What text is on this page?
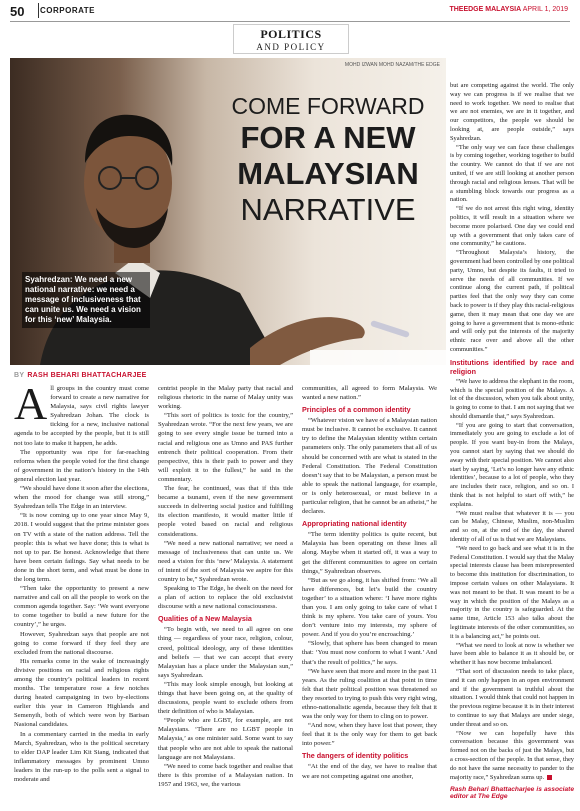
50 CORPORATE	THEEDGE MALAYSIA APRIL 1, 2019
POLITICS
AND POLICY
MOHD IZWAN MOHD NAZAM/THE EDGE
COME FORWARD
FOR A NEW
MALAYSIAN
NARRATIVE
Syahredzan: We need a new national narrative: we need a message of inclusiveness that can unite us. We need a vision for this ‘new’ Malaysia.
BY RASH BEHARI BHATTACHARJEE

All groups in the country must come forward to create a new narrative for Malaysia, says civil rights lawyer Syahredzan Johan. The clock is ticking for a new, inclusive national agenda to be accepted by the people, but it is still not too late to make it happen, he adds.

The opportunity was ripe for far-reaching reforms when the people voted for the first change of government in the nation’s history in the 14th general election last year.

“We should have done it soon after the elections, when the mood for change was still strong,” Syahredzan tells The Edge in an interview.

“It is now coming up to one year since May 9, 2018. I would suggest that the prime minister goes on TV with a state of the nation address. Tell the people: this is what we have done; this is what is not up to par. Be honest. Acknowledge that there have been certain failings. Say what needs to be done in the short term, and what must be done in the long term.

“Then take the opportunity to present a new narrative and call on all the people to work on the common agenda together. Say: ‘We want everyone to come together to build a new future for the country’,” he urges.

However, Syahredzan says that people are not going to come forward if they feel they are excluded from the national discourse.

His remarks come in the wake of increasingly divisive positions on racial and religious rights among the country’s political leaders in recent months. The temperature rose a few notches during heated campaigning in two by-elections earlier this year in Cameron Highlands and Semenyih, both of which were won by Barisan Nasional candidates.

In a commentary carried in the media in early March, Syahredzan, who is the political secretary to elder DAP leader Lim Kit Siang, indicated that inflammatory messages by prominent Umno leaders in the run-up to the polls sent a signal to moderate and

centrist people in the Malay party that racial and religious rhetoric in the name of Malay unity was working.

“This sort of politics is toxic for the country,” Syahredzan wrote. “For the next few years, we are going to see every single issue be turned into a racial and religious one as Umno and PAS further entrench their political cooperation. From their perspective, this is their path to power and they will exploit it to the fullest,” he said in the commentary.

The fear, he continued, was that if this tide became a tsunami, even if the new government succeeds in delivering social justice and fulfilling its election manifesto, it would matter little if people voted based on racial and religious considerations.

“We need a new national narrative; we need a message of inclusiveness that can unite us. We need a vision for this ‘new’ Malaysia. A statement of intent of the sort of Malaysia we aspire for this country to be,” Syahredzan wrote.

Speaking to The Edge, he dwelt on the need for a plan of action to replace the old exclusivist discourse with a new national consciousness.

Qualities of a New Malaysia

“To begin with, we need to all agree on one thing — regardless of your race, religion, colour, creed, political ideology, any of these identities and beliefs — that we can accept that every Malaysian has a place under the Malaysian sun,” says Syahredzan.

“This may look simple enough, but looking at things that have been going on, at the quality of discussions, people want to exclude others from their definition of who is Malaysian.

“People who are LGBT, for example, are not Malaysians. ‘There are no LGBT people in Malaysia,’ as one minister said. Some want to say that people who are not able to speak the national language are not Malaysians.

“We need to come back together and realise that there is this promise of a Malaysian nation. In 1957 and 1963, we, the various

communities, all agreed to form Malaysia. We wanted a new nation.”

Principles of a common identity

“Whatever vision we have of a Malaysian nation must be inclusive. It cannot be exclusive. It cannot try to define the Malaysian identity within certain parameters only. The only parameters that all of us should be concerned with are what is stated in the Federal Constitution. The Federal Constitution doesn’t say that to be Malaysian, a person must be able to speak the national language, for example, or is only heterosexual, or must believe in a particular religion, that he cannot be an atheist,” he declares.

Appropriating national identity

“The term identity politics is quite recent, but Malaysia has been operating on these lines all along. Maybe when it started off, it was a way to get the different communities to agree on certain things,” Syahredzan observes.

“But as we go along, it has shifted from: ‘We all have differences, but let’s build the country together’ to a situation where: ‘I have more rights than you. I am only going to take care of what I think is my sphere. You take care of yours. You don’t venture into my interests, my sphere of power. And if you do you’re encroaching.’

“Slowly, that sphere has been changed to mean that: ‘You must now conform to what I want.’ And that’s the result of politics,” he says.

“We have seen that more and more in the past 11 years. As the ruling coalition at that point in time felt that their political position was threatened so they resorted to trying to push this very right wing, ethno-nationalistic agenda, because they felt that it was the only way for them to cling on to power.

“And now, when they have lost that power, they feel that it is the only way for them to get back into power.”

The dangers of identity politics

“At the end of the day, we have to realise that we are not competing against one another,

but are competing against the world. The only way we can progress is if we realise that we need to work together. We need to realise that we are not enemies, we are in it together, and our competitors, the people we should be looking at, are people outside,” says Syahredzan.

“The only way we can face these challenges is by coming together, working together to build the country. We cannot do that if we are not united, if we are still looking at another person through racial and religious lenses. That will be a stumbling block towards our progress as a nation.

“If we do not arrest this right wing, identity politics, it will result in a situation where we become more polarised. One day we could end up with a government that only takes care of one community,” he cautions.

“Throughout Malaysia’s history, the government had been controlled by one political party, Umno, but despite its faults, it tried to serve the needs of all communities. If we continue along the current path, if political parties feel that the only way they can come back to power is if they play this racial-religious game, then it may mean that one day we are going to have a government that is mono-ethnic and will only put the interests of the majority ethnic race over and above all the other communities.”

Institutions identified by race and religion

“We have to address the elephant in the room, which is the special position of the Malays. A lot of the discussion, when you talk about unity, is going to come to that. I am not saying that we should dismantle that,” says Syahredzan.

“If you are going to start that conversation, immediately you are going to exclude a lot of people. If you want buy-in from the Malays, you cannot start by saying that we should do away with their special position. We cannot also start by saying, ‘Let’s no longer have any ethnic identities’, because to a lot of people, who they are includes their race, religion, and so on. I think that is not helpful to start off with,” he explains.

“We must realise that whatever it is — you can be Malay, Chinese, Muslim, non-Muslim and so on, at the end of the day, the shared identity of all of us is that we are Malaysians.

“We need to go back and see what it is in the Federal Constitution. I would say that the Malay special interests clause has been misrepresented to become this institution for discrimination, to impose certain values on other Malaysians. It was not meant to be that. It was meant to be a way in which the position of the Malays as a majority in the country is safeguarded. At the same time, Article 153 also talks about the legitimate interests of the other communities, so it is a balancing act,” he points out.

“What we need to look at now is whether we have been able to balance it as it should be, or whether it has now become imbalanced.

“That sort of discussion needs to take place, and it can only happen in an open environment and if the government is truthful about the situation. I would think that could not happen in the previous regime because it is in their interest to continue to say that Malays are under siege, under threat and so on.

“Now we can hopefully have this conversation because this government was formed not on the backs of just the Malays, but a cross-section of the people. In that sense, they do not have the same necessity to pander to the majority race,” Syahredzan sums up.

Rash Behari Bhattacharjee is associate editor at The Edge
